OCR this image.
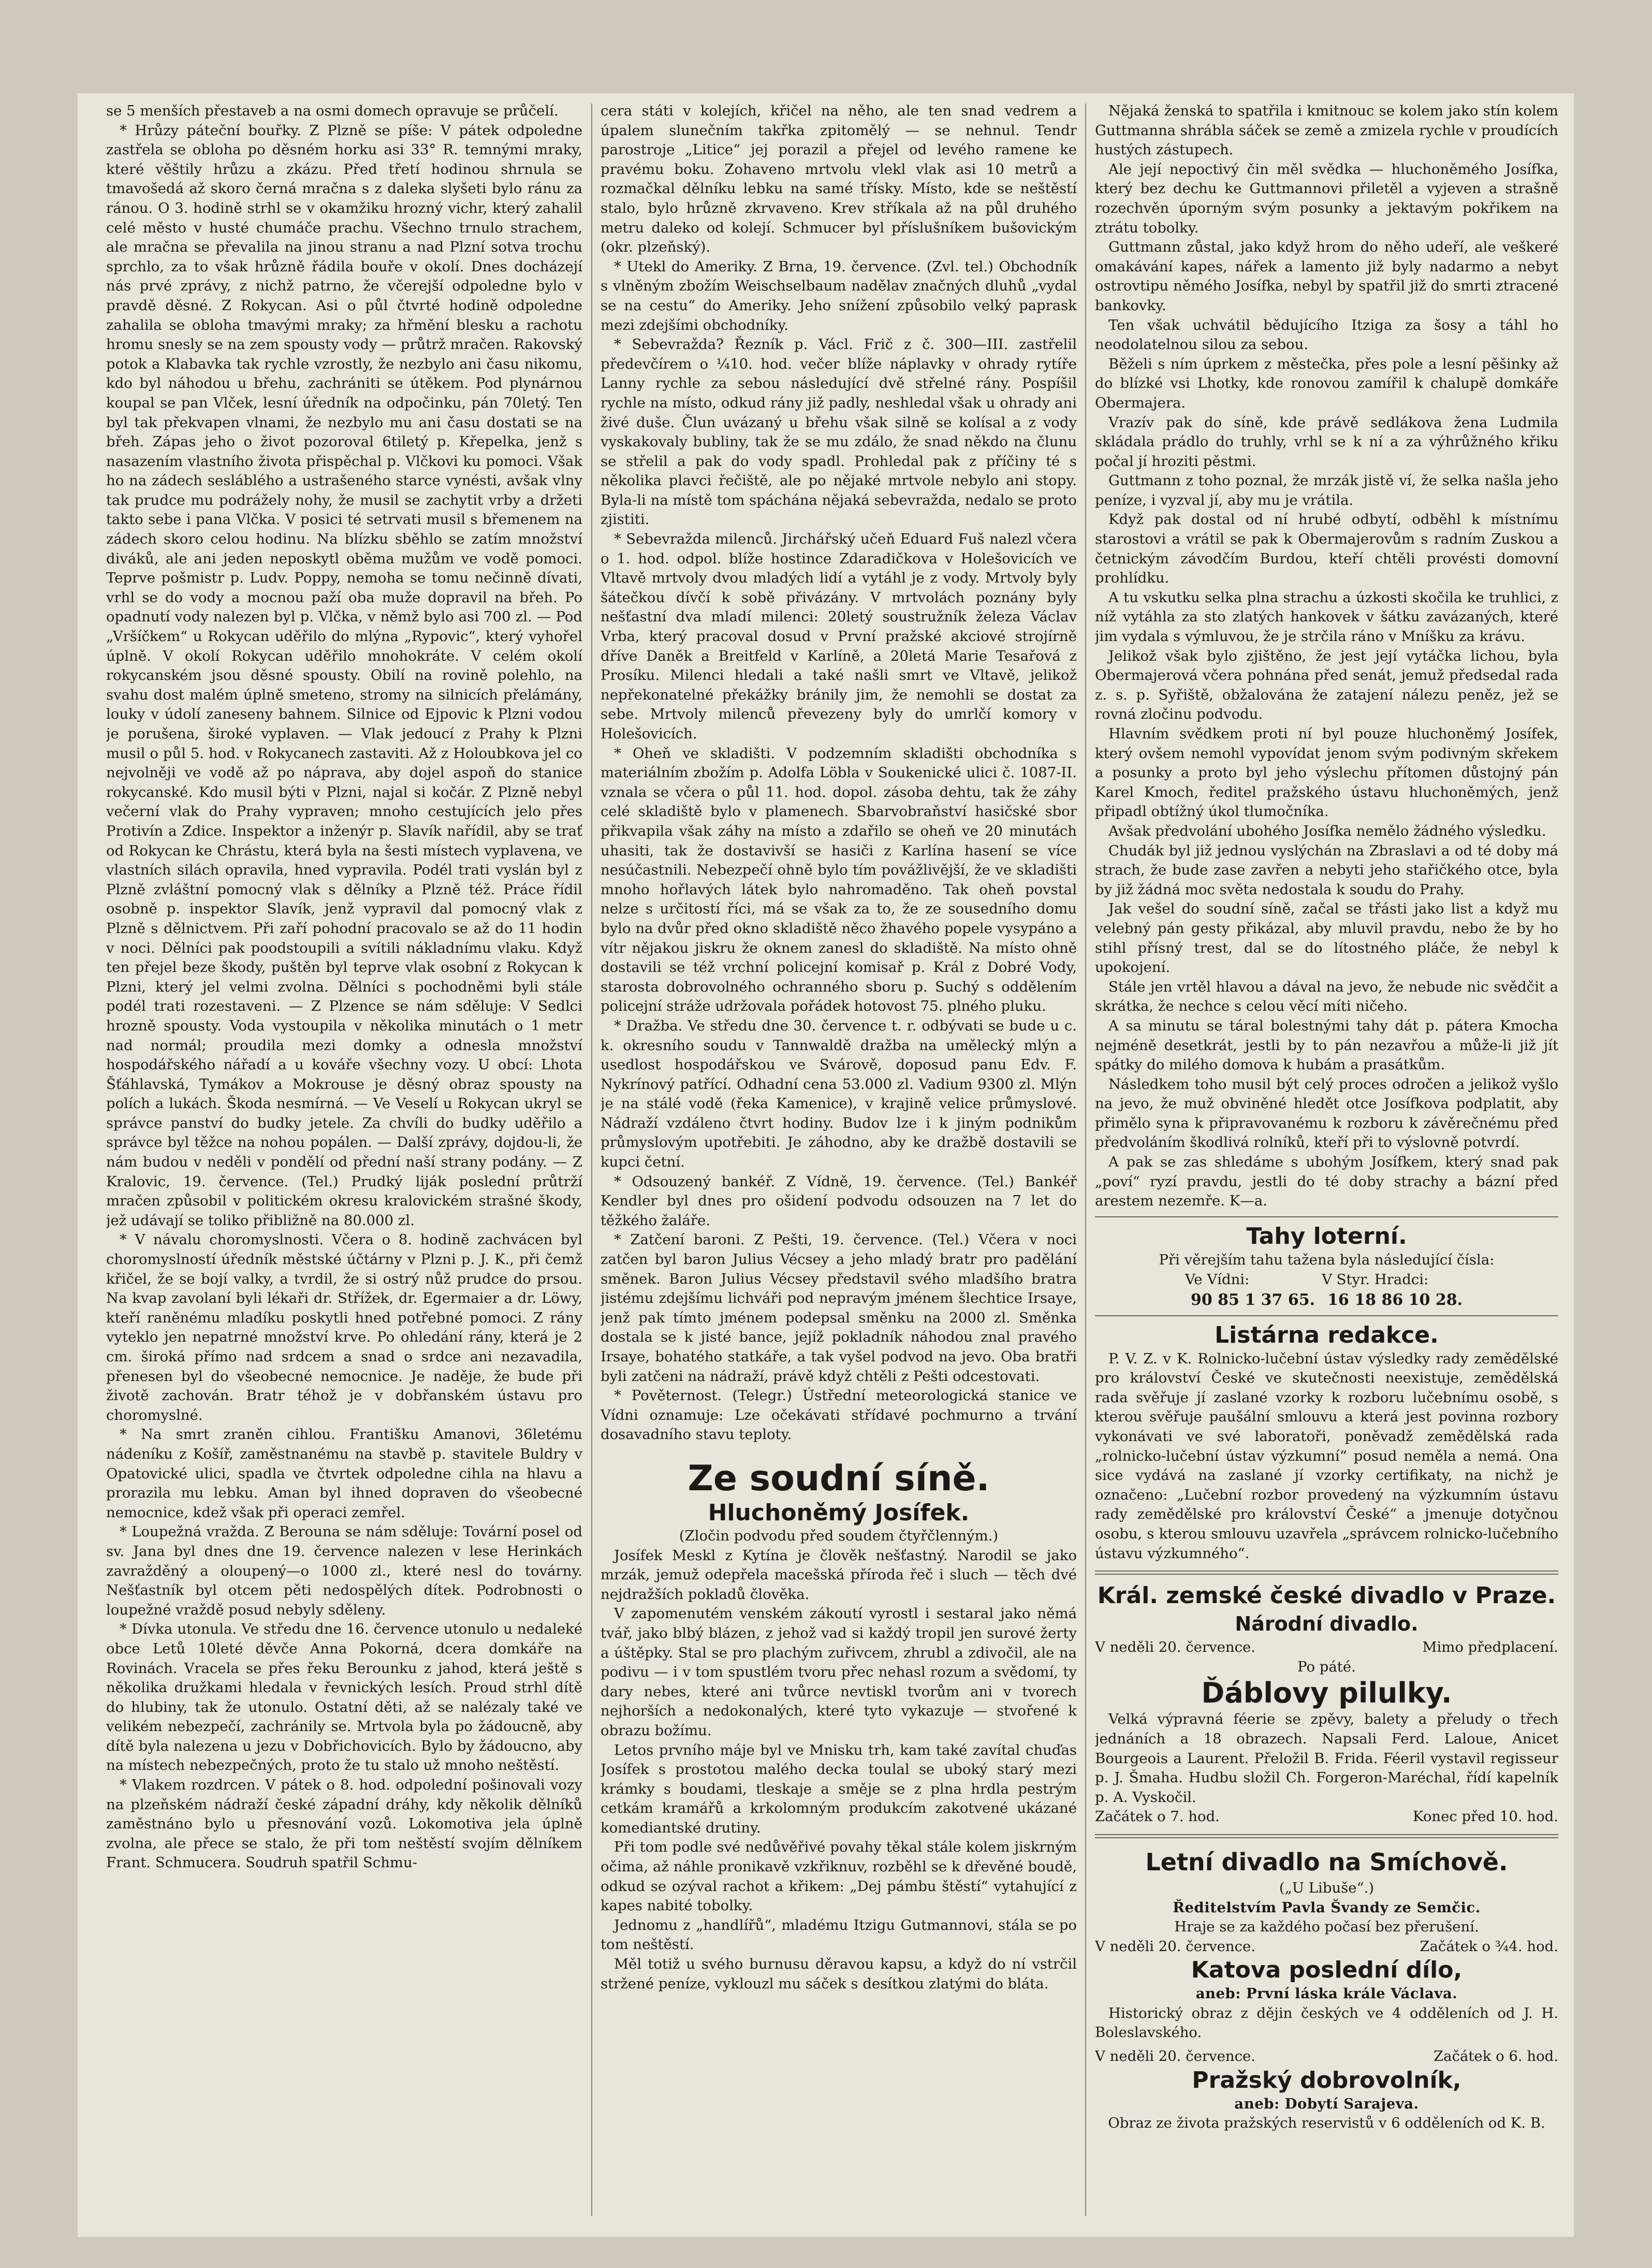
se 5 menších přestaveb a na osmi domech opravuje se průčelí.

* Hrůzy páteční bouřky. Z Plzně se píše: V pátek odpoledne zastřela se obloha po děsném horku asi 33° R. temnými mraky, které věštily hrůzu a zkázu. Před třetí hodinou shrnula se tmavošedá až skoro černá mračna s z daleka slyšeti bylo ránu za ránou. O 3. hodině strhl se v okamžiku hrozný vichr, který zahalil celé město v husté chumáče prachu. Všechno trnulo strachem, ale mračna se převalila na jinou stranu a nad Plzní sotva trochu sprchlo, za to však hrůzně řádila bouře v okolí. Dnes docházejí nás prvé zprávy, z nichž patrno, že včerejší odpoledne bylo v pravdě děsné. Z Rokycan. Asi o půl čtvrté hodině odpoledne zahalila se obloha tmavými mraky; za hřmění blesku a rachotu hromu snesly se na zem spousty vody — průtrž mračen. Rakovský potok a Klabavka tak rychle vzrostly, že nezbylo ani času nikomu, kdo byl náhodou u břehu, zachrániti se útěkem. Pod plynárnou koupal se pan Vlček, lesní úředník na odpočinku, pán 70letý. Ten byl tak překvapen vlnami, že nezbylo mu ani času dostati se na břeh. Zápas jeho o život pozoroval 6tiletý p. Křepelka, jenž s nasazením vlastního života přispěchal p. Vlčkovi ku pomoci. Však ho na zádech sesláblého a ustrašeného starce vynésti, avšak vlny tak prudce mu podrážely nohy, že musil se zachytit vrby a držeti takto sebe i pana Vlčka. V posici té setrvati musil s břemenem na zádech skoro celou hodinu. Na blízku sběhlo se zatím množství diváků, ale ani jeden neposkytl oběma mužům ve vodě pomoci. Teprve pošmistr p. Ludv. Poppy, nemoha se tomu nečinně dívati, vrhl se do vody a mocnou paží oba muže dopravil na břeh. Po opadnutí vody nalezen byl p. Vlčka, v němž bylo asi 700 zl. — Pod „Vršíčkem“ u Rokycan uděřilo do mlýna „Rypovic“, který vyhořel úplně. V okolí Rokycan uděřilo mnohokráte. V celém okolí rokycanském jsou děsné spousty. Obilí na rovině polehlo, na svahu dost malém úplně smeteno, stromy na silnicích přelámány, louky v údolí zaneseny bahnem. Silnice od Ejpovic k Plzni vodou je porušena, široké vyplaven. — Vlak jedoucí z Prahy k Plzni musil o půl 5. hod. v Rokycanech zastaviti. Až z Holoubkova jel co nejvolněji ve vodě až po náprava, aby dojel aspoň do stanice rokycanské. Kdo musil býti v Plzni, najal si kočár. Z Plzně nebyl večerní vlak do Prahy vypraven; mnoho cestujících jelo přes Protivín a Zdice. Inspektor a inženýr p. Slavík nařídil, aby se trať od Rokycan ke Chrástu, která byla na šesti místech vyplavena, ve vlastních silách opravila, hned vypravila. Podél trati vyslán byl z Plzně zvláštní pomocný vlak s dělníky a Plzně též. Práce řídil osobně p. inspektor Slavík, jenž vypravil dal pomocný vlak z Plzně s dělnictvem. Při zaří pohodní pracovalo se až do 11 hodin v noci. Dělníci pak poodstoupili a svítili nákladnímu vlaku. Když ten přejel beze škody, puštěn byl teprve vlak osobní z Rokycan k Plzni, který jel velmi zvolna. Dělníci s pochodněmi byli stále podél trati rozestaveni. — Z Plzence se nám sděluje: V Sedlci hrozně spousty. Voda vystoupila v několika minutách o 1 metr nad normál; proudila mezi domky a odnesla množství hospodářského nářadí a u kováře všechny vozy. U obcí: Lhota Šťáhlavská, Tymákov a Mokrouse je děsný obraz spousty na polích a lukách. Škoda nesmírná. — Ve Veselí u Rokycan ukryl se správce panství do budky jetele. Za chvíli do budky uděřilo a správce byl těžce na nohou popálen. — Další zprávy, dojdou-li, že nám budou v neděli v pondělí od přední naší strany podány. — Z Kralovic, 19. července. (Tel.) Prudký liják poslední průtrží mračen způsobil v politickém okresu kralovickém strašné škody, jež udávají se toliko přibližně na 80.000 zl.

* V návalu choromyslnosti. Včera o 8. hodině zachvácen byl choromyslností úředník městské účtárny v Plzni p. J. K., při čemž křičel, že se bojí valky, a tvrdil, že si ostrý nůž prudce do prsou. Na kvap zavolaní byli lékaři dr. Střížek, dr. Egermaier a dr. Löwy, kteří raněnému mladíku poskytli hned potřebné pomoci. Z rány vyteklo jen nepatrné množství krve. Po ohledání rány, která je 2 cm. široká přímo nad srdcem a snad o srdce ani nezavadila, přenesen byl do všeobecné nemocnice. Je naděje, že bude při životě zachován. Bratr téhož je v dobřanském ústavu pro choromyslné.

* Na smrt zraněn cihlou. Františku Amanovi, 36letému nádeníku z Košíř, zaměstnanému na stavbě p. stavitele Buldry v Opatovické ulici, spadla ve čtvrtek odpoledne cihla na hlavu a prorazila mu lebku. Aman byl ihned dopraven do všeobecné nemocnice, kdež však při operaci zemřel.

* Loupežná vražda. Z Berouna se nám sděluje: Tovární posel od sv. Jana byl dnes dne 19. července nalezen v lese Herinkách zavražděný a oloupený—o 1000 zl., které nesl do továrny. Nešťastník byl otcem pěti nedospělých dítek. Podrobnosti o loupežné vraždě posud nebyly sděleny.

* Dívka utonula. Ve středu dne 16. července utonulo u nedaleké obce Letů 10leté děvče Anna Pokorná, dcera domkáře na Rovinách. Vracela se přes řeku Berounku z jahod, která ještě s několika družkami hledala v řevnických lesích. Proud strhl dítě do hlubiny, tak že utonulo. Ostatní děti, až se nalézaly také ve velikém nebezpečí, zachránily se. Mrtvola byla po žádoucně, aby dítě byla nalezena u jezu v Dobřichovicích. Bylo by žádoucno, aby na místech nebezpečných, proto že tu stalo už mnoho neštěstí.

* Vlakem rozdrcen. V pátek o 8. hod. odpolední pošinovali vozy na plzeňském nádraží české západní dráhy, kdy několik dělníků zaměstnáno bylo u přesnování vozů. Lokomotiva jela úplně zvolna, ale přece se stalo, že při tom neštěstí svojím dělníkem Frant. Schmucera. Soudruh spatřil Schmu-

cera státi v kolejích, křičel na něho, ale ten snad vedrem a úpalem slunečním takřka zpitomělý — se nehnul. Tendr parostroje „Litice“ jej porazil a přejel od levého ramene ke pravému boku. Zohaveno mrtvolu vlekl vlak asi 10 metrů a rozmačkal dělníku lebku na samé třísky. Místo, kde se neštěstí stalo, bylo hrůzně zkrvaveno. Krev stříkala až na půl druhého metru daleko od kolejí. Schmucer byl příslušníkem bušovickým (okr. plzeňský).

* Utekl do Ameriky. Z Brna, 19. července. (Zvl. tel.) Obchodník s vlněným zbožím Weischselbaum nadělav značných dluhů „vydal se na cestu“ do Ameriky. Jeho snížení způsobilo velký paprask mezi zdejšími obchodníky.

* Sebevražda? Řezník p. Václ. Frič z č. 300—III. zastřelil předevčírem o ¼10. hod. večer blíže náplavky v ohrady rytíře Lanny rychle za sebou následující dvě střelné rány. Pospíšil rychle na místo, odkud rány již padly, neshledal však u ohrady ani živé duše. Člun uvázaný u břehu však silně se kolísal a z vody vyskakovaly bubliny, tak že se mu zdálo, že snad někdo na člunu se střelil a pak do vody spadl. Prohledal pak z příčiny té s několika plavci řečiště, ale po nějaké mrtvole nebylo ani stopy. Byla-li na místě tom spáchána nějaká sebevražda, nedalo se proto zjistiti.

* Sebevražda milenců. Jirchářský učeň Eduard Fuš nalezl včera o 1. hod. odpol. blíže hostince Zdaradičkova v Holešovicích ve Vltavě mrtvoly dvou mladých lidí a vytáhl je z vody. Mrtvoly byly šátečkou dívčí k sobě přivázány. V mrtvolách poznány byly nešťastní dva mladí milenci: 20letý soustružník železa Václav Vrba, který pracoval dosud v První pražské akciové strojírně dříve Daněk a Breitfeld v Karlíně, a 20letá Marie Tesařová z Prosíku. Milenci hledali a také našli smrt ve Vltavě, jelikož nepřekonatelné překážky bránily jim, že nemohli se dostat za sebe. Mrtvoly milenců převezeny byly do umrlčí komory v Holešovicích.

* Oheň ve skladišti. V podzemním skladišti obchodníka s materiálním zbožím p. Adolfa Löbla v Soukenické ulici č. 1087-II. vznala se včera o půl 11. hod. dopol. zásoba dehtu, tak že záhy celé skladiště bylo v plamenech. Sbarvobraňství hasičské sbor přikvapila však záhy na místo a zdařilo se oheň ve 20 minutách uhasiti, tak že dostavivší se hasiči z Karlína hasení se více nesúčastnili. Nebezpečí ohně bylo tím povážlivější, že ve skladišti mnoho hořlavých látek bylo nahromaděno. Tak oheň povstal nelze s určitostí říci, má se však za to, že ze sousedního domu bylo na dvůr před okno skladiště něco žhavého popele vysypáno a vítr nějakou jiskru že oknem zanesl do skladiště. Na místo ohně dostavili se též vrchní policejní komisař p. Král z Dobré Vody, starosta dobrovolného ochranného sboru p. Suchý s oddělením policejní stráže udržovala pořádek hotovost 75. plného pluku.

* Dražba. Ve středu dne 30. července t. r. odbývati se bude u c. k. okresního soudu v Tannwaldě dražba na umělecký mlýn a usedlost hospodářskou ve Svárově, doposud panu Edv. F. Nykrínový patřící. Odhadní cena 53.000 zl. Vadium 9300 zl. Mlýn je na stálé vodě (řeka Kamenice), v krajině velice průmyslové. Nádraží vzdáleno čtvrt hodiny. Budov lze i k jiným podnikům průmyslovým upotřebiti. Je záhodno, aby ke dražbě dostavili se kupci četní.

* Odsouzený bankéř. Z Vídně, 19. července. (Tel.) Bankéř Kendler byl dnes pro ošidení podvodu odsouzen na 7 let do těžkého žaláře.

* Zatčení baroni. Z Pešti, 19. července. (Tel.) Včera v noci zatčen byl baron Julius Vécsey a jeho mladý bratr pro padělání směnek. Baron Julius Vécsey představil svého mladšího bratra jistému zdejšímu lichváři pod nepravým jménem šlechtice Irsaye, jenž pak tímto jménem podepsal směnku na 2000 zl. Směnka dostala se k jisté bance, jejíž pokladník náhodou znal pravého Irsaye, bohatého statkáře, a tak vyšel podvod na jevo. Oba bratři byli zatčeni na nádraží, právě když chtěli z Pešti odcestovati.

* Pověternost. (Telegr.) Ústřední meteorologická stanice ve Vídni oznamuje: Lze očekávati střídavé pochmurno a trvání dosavadního stavu teploty.

Ze soudní síně.
Hluchoněmý Josífek.

(Zločin podvodu před soudem čtyřčlenným.)

Josífek Meskl z Kytína je člověk nešťastný. Narodil se jako mrzák, jemuž odepřela macešská příroda řeč i sluch — těch dvé nejdražších pokladů člověka.

V zapomenutém venském zákoutí vyrostl i sestaral jako němá tvář, jako blbý blázen, z jehož vad si každý tropil jen surové žerty a úštěpky. Stal se pro plachým zuřivcem, zhrubl a zdivočil, ale na podivu — i v tom spustlém tvoru přec nehasl rozum a svědomí, ty dary nebes, které ani tvůrce nevtiskl tvorům ani v tvorech nejhorších a nedokonalých, které tyto vykazuje — stvořené k obrazu božímu.

Letos prvního máje byl ve Mnisku trh, kam také zavítal chuďas Josífek s prostotou malého decka toulal se uboký starý mezi krámky s boudami, tleskaje a směje se z plna hrdla pestrým cetkám kramářů a krkolomným produkcím zakotvené ukázané komediantské drutiny.

Při tom podle své nedůvěřivé povahy těkal stále kolem jiskrným očima, až náhle pronikavě vzkřiknuv, rozběhl se k dřevěné boudě, odkud se ozýval rachot a křikem: „Dej pámbu štěstí“ vytahující z kapes nabité tobolky.

Jednomu z „handlířů“, mladému Itzigu Gutmannovi, stála se po tom neštěstí.

Měl totiž u svého burnusu děravou kapsu, a když do ní vstrčil stržené peníze, vyklouzl mu sáček s desítkou zlatými do bláta.

Nějaká ženská to spatřila i kmitnouc se kolem jako stín kolem Guttmanna shrábla sáček se země a zmizela rychle v proudících hustých zástupech.

Ale její nepoctivý čin měl svědka — hluchoněmého Josífka, který bez dechu ke Guttmannovi přiletěl a vyjeven a strašně rozechvěn úporným svým posunky a jektavým pokřikem na ztrátu tobolky.

Guttmann zůstal, jako když hrom do něho udeří, ale veškeré omakávání kapes, nářek a lamento již byly nadarmo a nebyt ostrovtipu němého Josífka, nebyl by spatřil již do smrti ztracené bankovky.

Ten však uchvátil bědujícího Itziga za šosy a táhl ho neodolatelnou silou za sebou.

Běželi s ním úprkem z městečka, přes pole a lesní pěšinky až do blízké vsi Lhotky, kde ronovou zamířil k chalupě domkáře Obermajera.

Vrazív pak do síně, kde právě sedlákova žena Ludmila skládala prádlo do truhly, vrhl se k ní a za výhrůžného křiku počal jí hroziti pěstmi.

Guttmann z toho poznal, že mrzák jistě ví, že selka našla jeho peníze, i vyzval jí, aby mu je vrátila.

Když pak dostal od ní hrubé odbytí, odběhl k místnímu starostovi a vrátil se pak k Obermajerovům s radním Zuskou a četnickým závodčím Burdou, kteří chtěli provésti domovní prohlídku.

A tu vskutku selka plna strachu a úzkosti skočila ke truhlici, z níž vytáhla za sto zlatých hankovek v šátku zavázaných, které jim vydala s výmluvou, že je strčila ráno v Mníšku za krávu.

Jelikož však bylo zjištěno, že jest její vytáčka lichou, byla Obermajerová včera pohnána před senát, jemuž předsedal rada z. s. p. Syřiště, obžalována že zatajení nálezu peněz, jež se rovná zločinu podvodu.

Hlavním svědkem proti ní byl pouze hluchoněmý Josífek, který ovšem nemohl vypovídat jenom svým podivným skřekem a posunky a proto byl jeho výslechu přítomen důstojný pán Karel Kmoch, ředitel pražského ústavu hluchoněmých, jenž připadl obtížný úkol tlumočníka.

Avšak předvolání ubohého Josífka nemělo žádného výsledku.

Chudák byl již jednou vyslýchán na Zbraslavi a od té doby má strach, že bude zase zavřen a nebyti jeho stařičkého otce, byla by již žádná moc světa nedostala k soudu do Prahy.

Jak vešel do soudní síně, začal se třásti jako list a když mu velebný pán gesty přikázal, aby mluvil pravdu, nebo že by ho stihl přísný trest, dal se do lítostného pláče, že nebyl k upokojení.

Stále jen vrtěl hlavou a dával na jevo, že nebude nic svědčit a skrátka, že nechce s celou věcí míti ničeho.

A sa minutu se táral bolestnými tahy dát p. pátera Kmocha nejméně desetkrát, jestli by to pán nezavřou a může-li již jít spátky do milého domova k hubám a prasátkům.

Následkem toho musil být celý proces odročen a jelikož vyšlo na jevo, že muž obviněné hledět otce Josífkova podplatit, aby přimělo syna k připravovanému k rozboru k závěrečnému před předvoláním škodlivá rolníků, kteří při to výslovně potvrdí.

A pak se zas shledáme s ubohým Josífkem, který snad pak „poví“ ryzí pravdu, jestli do té doby strachy a bázní před arestem nezemře. K—a.

Tahy loterní.

Při věrejším tahu tažena byla následující čísla:

Ve Vídni:	V Styr. Hradci:
90 85 1 37 65.	16 18 86 10 28.
Listárna redakce.

P. V. Z. v K. Rolnicko-lučební ústav výsledky rady zemědělské pro království České ve skutečnosti neexistuje, zemědělská rada svěřuje jí zaslané vzorky k rozboru lučebnímu osobě, s kterou svěřuje paušální smlouvu a která jest povinna rozbory vykonávati ve své laboratoři, poněvadž zemědělská rada „rolnicko-lučební ústav výzkumní“ posud neměla a nemá. Ona sice vydává na zaslané jí vzorky certifikaty, na nichž je označeno: „Lučební rozbor provedený na výzkumním ústavu rady zemědělské pro království České“ a jmenuje dotyčnou osobu, s kterou smlouvu uzavřela „správcem rolnicko-lučebního ústavu výzkumného“.

Král. zemské české divadlo v Praze.
Národní divadlo.
V neděli 20. července.	Mimo předplacení.

Po páté.

Ďáblovy pilulky.

Velká výpravná féerie se zpěvy, balety a přeludy o třech jednáních a 18 obrazech. Napsali Ferd. Laloue, Anicet Bourgeois a Laurent. Přeložil B. Frida. Féeril vystavil regisseur p. J. Šmaha. Hudbu složil Ch. Forgeron-Maréchal, řídí kapelník p. A. Vyskočil.

Začátek o 7. hod.	Konec před 10. hod.
Letní divadlo na Smíchově.

(„U Libuše“.)

Ředitelstvím Pavla Švandy ze Semčic.

Hraje se za každého počasí bez přerušení.

V neděli 20. července.	Začátek o ¾4. hod.
Katova poslední dílo,

aneb: První láska krále Václava.

Historický obraz z dějin českých ve 4 odděleních od J. H. Boleslavského.

V neděli 20. července.	Začátek o 6. hod.
Pražský dobrovolník,

aneb: Dobytí Sarajeva.

Obraz ze života pražských reservistů v 6 odděleních od K. B.
